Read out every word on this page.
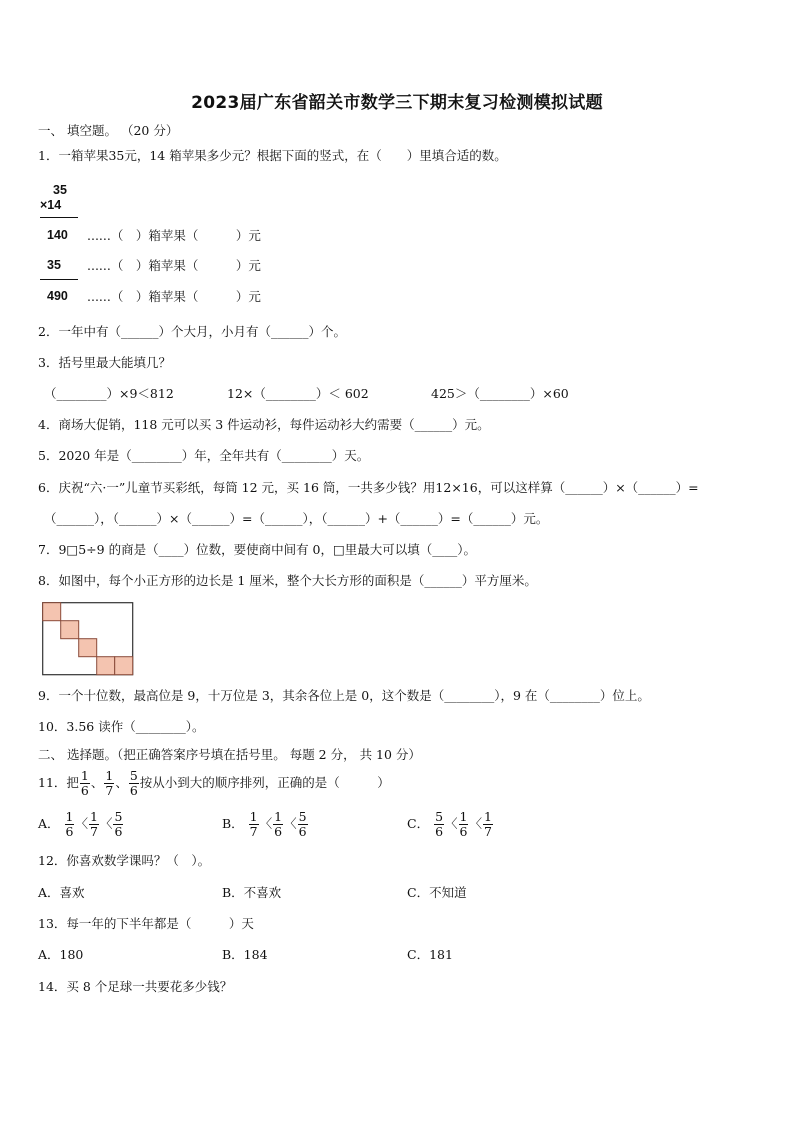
2023届广东省韶关市数学三下期末复习检测模拟试题
一、 填空题。 （20 分）
1．一箱苹果35元，14 箱苹果多少元？根据下面的竖式，在（　　）里填合适的数。
35
×14
140 ......（　）箱苹果（　　　）元
35 ......（　）箱苹果（　　　）元
490 ......（　）箱苹果（　　　）元
2．一年中有（______）个大月，小月有（______）个。
3．括号里最大能填几？
（________）×9＜812	12×（________）＜ 602	425＞（________）×60
4．商场大促销，118 元可以买 3 件运动衫，每件运动衫大约需要（______）元。
5．2020 年是（________）年，全年共有（________）天。
6．庆祝“六·一”儿童节买彩纸，每筒 12 元，买 16 筒，一共多少钱？用12×16，可以这样算（______）×（______）=
（______），（______）×（______）=（______），（______）+（______）=（______）元。
7．9□5÷9 的商是（____）位数，要使商中间有 0，□里最大可以填（____）。
8．如图中，每个小正方形的边长是 1 厘米，整个大长方形的面积是（______）平方厘米。
9．一个十位数，最高位是 9，十万位是 3，其余各位上是 0，这个数是（________），9 在（________）位上。
10．3.56 读作（________）。
二、 选择题。（把正确答案序号填在括号里。 每题 2 分， 共 10 分）
11．把 $\frac{1}{6}$ 、 $\frac{1}{7}$ 、 $\frac{5}{6}$ 按从小到大的顺序排列，正确的是（　　　）
A． $\frac{1}{6}$ 〈 $\frac{1}{7}$ 〈 $\frac{5}{6}$	B． $\frac{1}{7}$ 〈 $\frac{1}{6}$ 〈 $\frac{5}{6}$	C． $\frac{5}{6}$ 〈 $\frac{1}{6}$ 〈 $\frac{1}{7}$
12．你喜欢数学课吗？（　）。
A．喜欢	B．不喜欢	C．不知道
13．每一年的下半年都是（　　　）天
A．180	B．184	C．181
14．买 8 个足球一共要花多少钱？
